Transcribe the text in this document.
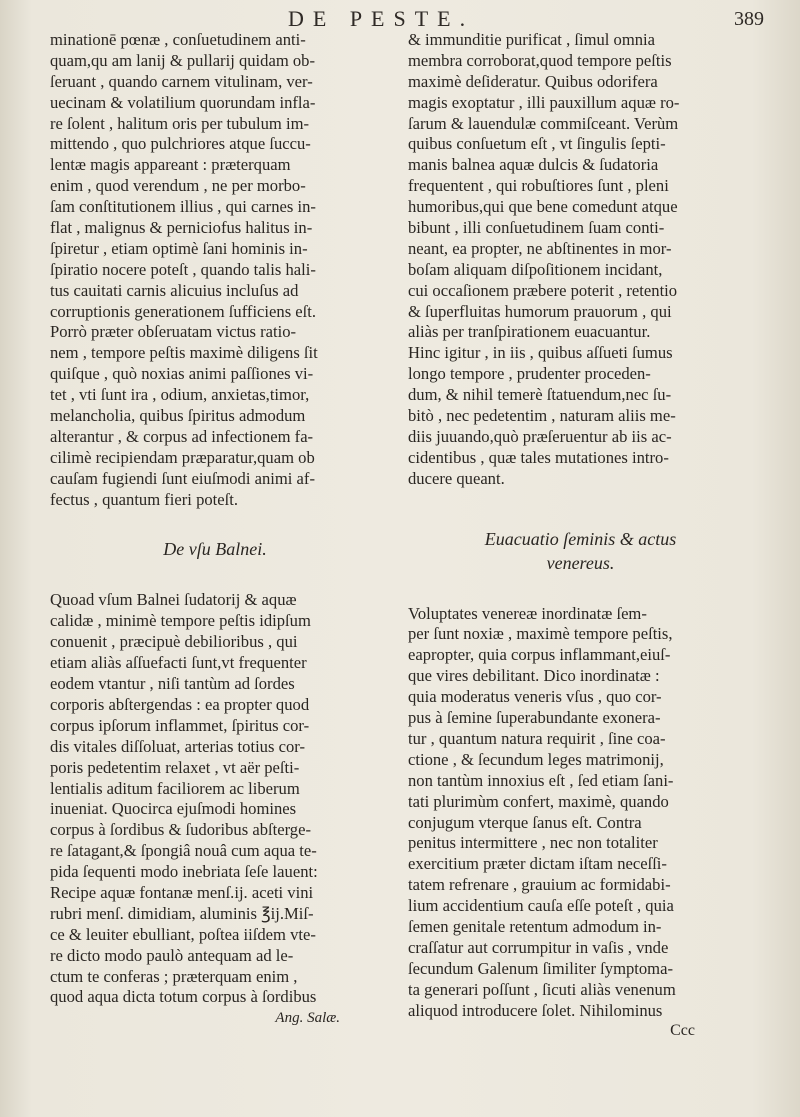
DE PESTE.	389
minationē pœnæ , conſuetudinem anti-
quam,qu am lanij & pullarij quidam ob-
ſeruant , quando carnem vitulinam, ver-
uecinam & volatilium quorundam infla-
re ſolent , halitum oris per tubulum im-
mittendo , quo pulchriores atque ſuccu-
lentæ magis appareant : præterquam
enim , quod verendum , ne per morbo-
ſam conſtitutionem illius , qui carnes in-
flat , malignus & perniciofus halitus in-
ſpiretur , etiam optimè ſani hominis in-
ſpiratio nocere poteſt , quando talis hali-
tus cauitati carnis alicuius incluſus ad
corruptionis generationem ſufficiens eſt.
Porrò præter obſeruatam victus ratio-
nem , tempore peſtis maximè diligens ſit
quiſque , quò noxias animi paſſiones vi-
tet , vti ſunt ira , odium, anxietas,timor,
melancholia, quibus ſpiritus admodum
alterantur , & corpus ad infectionem fa-
cilimè recipiendam præparatur,quam ob
cauſam fugiendi ſunt eiuſmodi animi af-
fectus , quantum fieri poteſt.
De vſu Balnei.
Quoad vſum Balnei ſudatorij & aquæ
calidæ , minimè tempore peſtis idipſum
conuenit , præcipuè debilioribus , qui
etiam aliàs aſſuefacti ſunt,vt frequenter
eodem vtantur , niſi tantùm ad ſordes
corporis abſtergendas : ea propter quod
corpus ipſorum inflammet, ſpiritus cor-
dis vitales diſſoluat, arterias totius cor-
poris pedetentim relaxet , vt aër peſti-
lentialis aditum faciliorem ac liberum
inueniat. Quocirca ejuſmodi homines
corpus à ſordibus & ſudoribus abſterge-
re ſatagant,& ſpongiâ nouâ cum aqua te-
pida ſequenti modo inebriata ſeſe lauent:
Recipe aquæ fontanæ menſ.ij. aceti vini
rubri menſ. dimidiam, aluminis ℥ij.Miſ-
ce & leuiter ebulliant, poſtea iiſdem vte-
re dicto modo paulò antequam ad le-
ctum te conferas ; præterquam enim ,
quod aqua dicta totum corpus à ſordibus
Ang. Salæ.
& immunditie purificat , ſimul omnia
membra corroborat,quod tempore peſtis
maximè deſideratur. Quibus odorifera
magis exoptatur , illi pauxillum aquæ ro-
ſarum & lauendulæ commiſceant. Verùm
quibus conſuetum eſt , vt ſingulis ſepti-
manis balnea aquæ dulcis & ſudatoria
frequentent , qui robuſtiores ſunt , pleni
humoribus,qui que bene comedunt atque
bibunt , illi conſuetudinem ſuam conti-
neant, ea propter, ne abſtinentes in mor-
boſam aliquam diſpoſitionem incidant,
cui occaſionem præbere poterit , retentio
& ſuperfluitas humorum prauorum , qui
aliàs per tranſpirationem euacuantur.
Hinc igitur , in iis , quibus aſſueti ſumus
longo tempore , prudenter proceden-
dum, & nihil temerè ſtatuendum,nec ſu-
bitò , nec pedetentim , naturam aliis me-
diis juuando,quò præſeruentur ab iis ac-
cidentibus , quæ tales mutationes intro-
ducere queant.
Euacuatio ſeminis & actus
venereus.
Voluptates venereæ inordinatæ ſem-
per ſunt noxiæ , maximè tempore peſtis,
eapropter, quia corpus inflammant,eiuſ-
que vires debilitant. Dico inordinatæ :
quia moderatus veneris vſus , quo cor-
pus à ſemine ſuperabundante exonera-
tur , quantum natura requirit , ſine coa-
ctione , & ſecundum leges matrimonij,
non tantùm innoxius eſt , ſed etiam ſani-
tati plurimùm confert, maximè, quando
conjugum vterque ſanus eſt. Contra
penitus intermittere , nec non totaliter
exercitium præter dictam iſtam neceſſi-
tatem refrenare , grauium ac formidabi-
lium accidentium cauſa eſſe poteſt , quia
ſemen genitale retentum admodum in-
craſſatur aut corrumpitur in vaſis , vnde
ſecundum Galenum ſimiliter ſymptoma-
ta generari poſſunt , ſicuti aliàs venenum
aliquod introducere ſolet. Nihilominus
Ccc
